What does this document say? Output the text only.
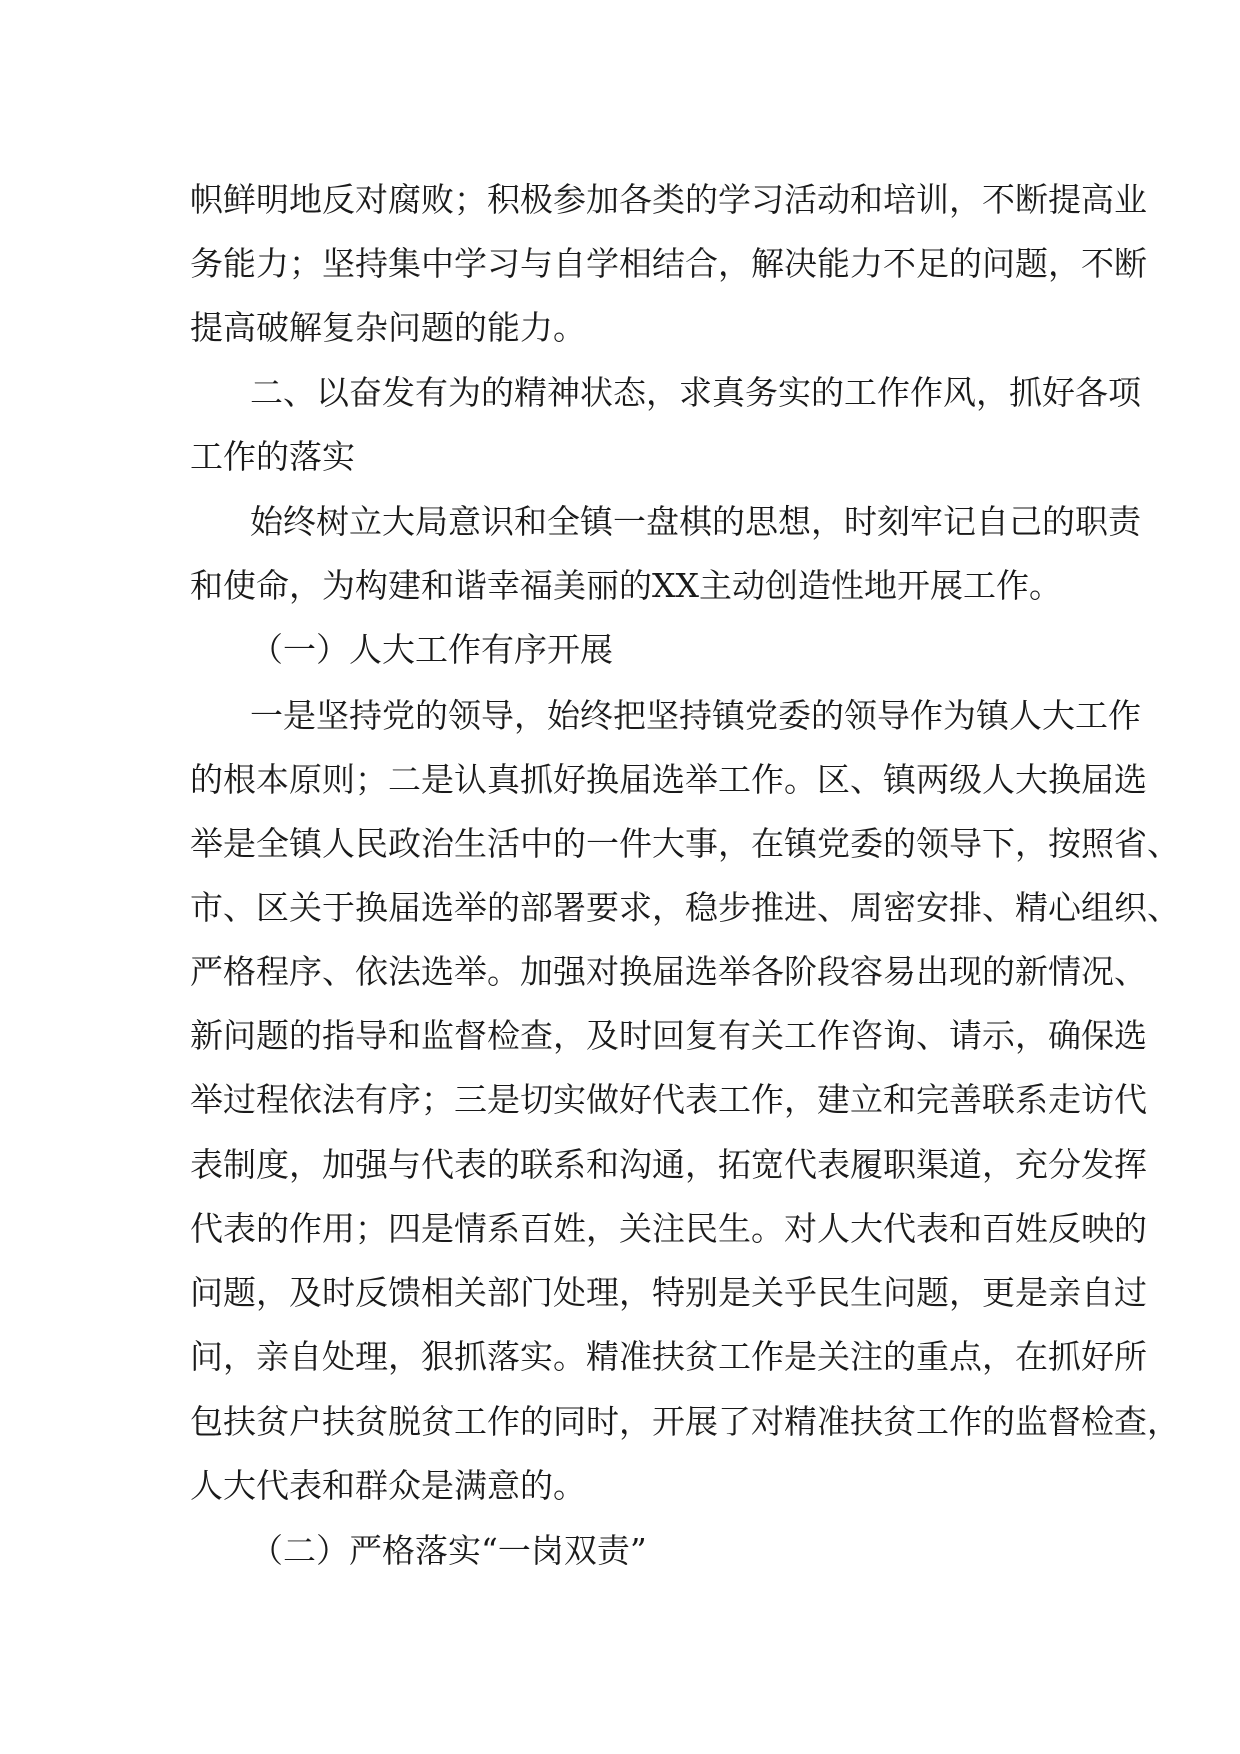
帜鲜明地反对腐败；积极参加各类的学习活动和培训，不断提高业
务能力；坚持集中学习与自学相结合，解决能力不足的问题，不断
提高破解复杂问题的能力。
二、以奋发有为的精神状态，求真务实的工作作风，抓好各项
工作的落实
始终树立大局意识和全镇一盘棋的思想，时刻牢记自己的职责
和使命，为构建和谐幸福美丽的XX主动创造性地开展工作。
（一）人大工作有序开展
一是坚持党的领导，始终把坚持镇党委的领导作为镇人大工作
的根本原则；二是认真抓好换届选举工作。区、镇两级人大换届选
举是全镇人民政治生活中的一件大事，在镇党委的领导下，按照省、
市、区关于换届选举的部署要求，稳步推进、周密安排、精心组织、
严格程序、依法选举。加强对换届选举各阶段容易出现的新情况、
新问题的指导和监督检查，及时回复有关工作咨询、请示，确保选
举过程依法有序；三是切实做好代表工作，建立和完善联系走访代
表制度，加强与代表的联系和沟通，拓宽代表履职渠道，充分发挥
代表的作用；四是情系百姓，关注民生。对人大代表和百姓反映的
问题，及时反馈相关部门处理，特别是关乎民生问题，更是亲自过
问，亲自处理，狠抓落实。精准扶贫工作是关注的重点，在抓好所
包扶贫户扶贫脱贫工作的同时，开展了对精准扶贫工作的监督检查，
人大代表和群众是满意的。
（二）严格落实“一岗双责”
